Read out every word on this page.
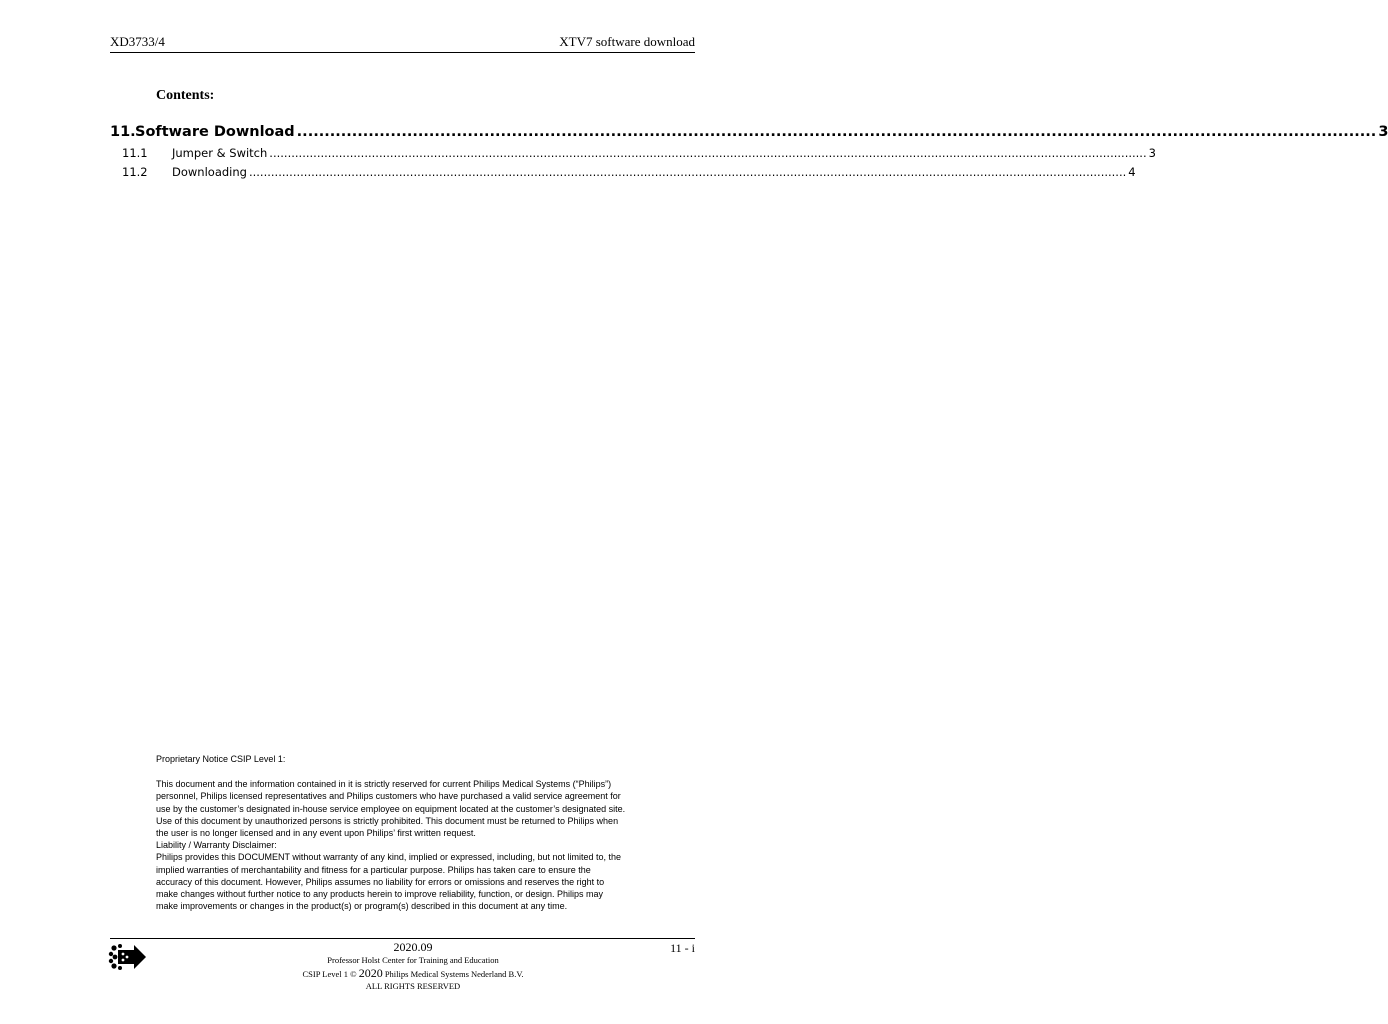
XD3733/4	XTV7 software download
Contents:
11. Software Download .................................................................................................................................................................................................... 3
11.1	Jumper & Switch ................................................................................................................................................................................................................................................ 3
11.2	Downloading ................................................................................................................................................................................................................................................ 4
Proprietary Notice CSIP Level 1:

This document and the information contained in it is strictly reserved for current Philips Medical Systems (“Philips”)

personnel, Philips licensed representatives and Philips customers who have purchased a valid service agreement for

use by the customer’s designated in-house service employee on equipment located at the customer’s designated site.

Use of this document by unauthorized persons is strictly prohibited. This document must be returned to Philips when

the user is no longer licensed and in any event upon Philips’ first written request.

Liability / Warranty Disclaimer:

Philips provides this DOCUMENT without warranty of any kind, implied or expressed, including, but not limited to, the

implied warranties of merchantability and fitness for a particular purpose. Philips has taken care to ensure the

accuracy of this document. However, Philips assumes no liability for errors or omissions and reserves the right to

make changes without further notice to any products herein to improve reliability, function, or design. Philips may

make improvements or changes in the product(s) or program(s) described in this document at any time.

2020.09
Professor Holst Center for Training and Education
CSIP Level 1 © 2020 Philips Medical Systems Nederland B.V.
ALL RIGHTS RESERVED
11 - i
